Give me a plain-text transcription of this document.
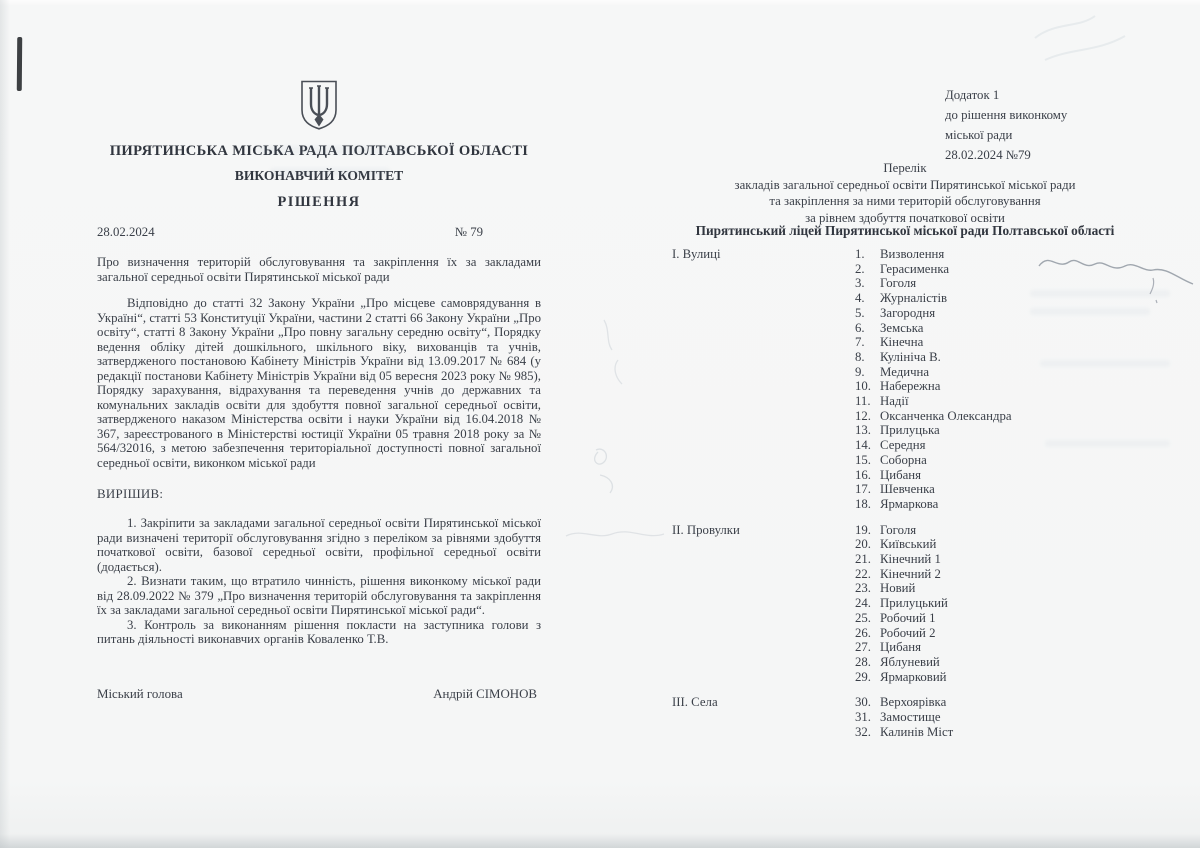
ПИРЯТИНСЬКА МІСЬКА РАДА ПОЛТАВСЬКОЇ ОБЛАСТІ
ВИКОНАВЧИЙ КОМІТЕТ
РІШЕННЯ
28.02.2024	№ 79

Про визначення територій обслуговування та закріплення їх за закладами загальної середньої освіти Пирятинської міської ради

Відповідно до статті 32 Закону України „Про місцеве самоврядування в Україні“, статті 53 Конституції України, частини 2 статті 66 Закону України „Про освіту“, статті 8 Закону України „Про повну загальну середню освіту“, Порядку ведення обліку дітей дошкільного, шкільного віку, вихованців та учнів, затвердженого постановою Кабінету Міністрів України від 13.09.2017 № 684 (у редакції постанови Кабінету Міністрів України від 05 вересня 2023 року № 985), Порядку зарахування, відрахування та переведення учнів до державних та комунальних закладів освіти для здобуття повної загальної середньої освіти, затвердженого наказом Міністерства освіти і науки України від 16.04.2018 № 367, зареєстрованого в Міністерстві юстиції України 05 травня 2018 року за № 564/32016, з метою забезпечення територіальної доступності повної загальної середньої освіти, виконком міської ради

ВИРІШИВ:

1. Закріпити за закладами загальної середньої освіти Пирятинської міської ради визначені території обслуговування згідно з переліком за рівнями здобуття початкової освіти, базової середньої освіти, профільної середньої освіти (додається).

2. Визнати таким, що втратило чинність, рішення виконкому міської ради від 28.09.2022 № 379 „Про визначення територій обслуговування та закріплення їх за закладами загальної середньої освіти Пирятинської міської ради“.

3. Контроль за виконанням рішення покласти на заступника голови з питань діяльності виконавчих органів Коваленко Т.В.

Міський голова	Андрій СІМОНОВ
Додаток 1
до рішення виконкому
міської ради
28.02.2024 №79
Перелік
закладів загальної середньої освіти Пирятинської міської ради
та закріплення за ними територій обслуговування
за рівнем здобуття початкової освіти
Пирятинський ліцей Пирятинської міської ради Полтавської області
І. Вулиці	1. Визволення
2. Герасименка
3. Гоголя
4. Журналістів
5. Загородня
6. Земська
7. Кінечна
8. Кулініча В.
9. Медична
10. Набережна
11. Надії
12. Оксанченка Олександра
13. Прилуцька
14. Середня
15. Соборна
16. Цибаня
17. Шевченка
18. Ярмаркова
ІІ. Провулки	19. Гоголя
20. Київський
21. Кінечний 1
22. Кінечний 2
23. Новий
24. Прилуцький
25. Робочий 1
26. Робочий 2
27. Цибаня
28. Яблуневий
29. Ярмарковий
ІІІ. Села	30. Верхоярівка
31. Замостище
32. Калинів Міст
